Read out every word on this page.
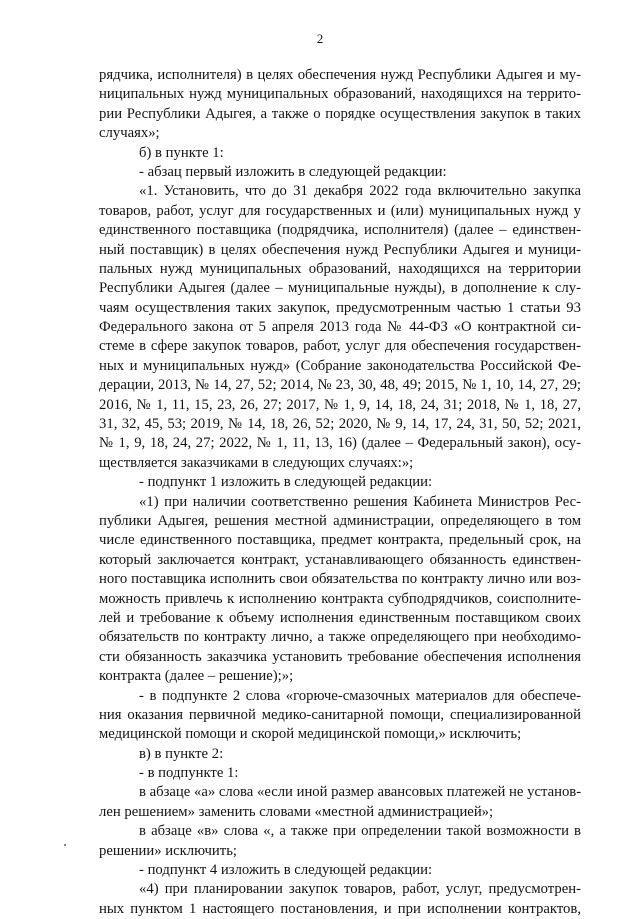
2
рядчика, исполнителя) в целях обеспечения нужд Республики Адыгея и му-
ниципальных нужд муниципальных образований, находящихся на террито-
рии Республики Адыгея, а также о порядке осуществления закупок в таких
случаях»;
б) в пункте 1:
- абзац первый изложить в следующей редакции:
«1. Установить, что до 31 декабря 2022 года включительно закупка
товаров, работ, услуг для государственных и (или) муниципальных нужд у
единственного поставщика (подрядчика, исполнителя) (далее – единствен-
ный поставщик) в целях обеспечения нужд Республики Адыгея и муници-
пальных нужд муниципальных образований, находящихся на территории
Республики Адыгея (далее – муниципальные нужды), в дополнение к слу-
чаям осуществления таких закупок, предусмотренным частью 1 статьи 93
Федерального закона от 5 апреля 2013 года № 44-ФЗ «О контрактной си-
стеме в сфере закупок товаров, работ, услуг для обеспечения государствен-
ных и муниципальных нужд» (Собрание законодательства Российской Фе-
дерации, 2013, № 14, 27, 52; 2014, № 23, 30, 48, 49; 2015, № 1, 10, 14, 27, 29;
2016, № 1, 11, 15, 23, 26, 27; 2017, № 1, 9, 14, 18, 24, 31; 2018, № 1, 18, 27,
31, 32, 45, 53; 2019, № 14, 18, 26, 52; 2020, № 9, 14, 17, 24, 31, 50, 52; 2021,
№ 1, 9, 18, 24, 27; 2022, № 1, 11, 13, 16) (далее – Федеральный закон), осу-
ществляется заказчиками в следующих случаях:»;
- подпункт 1 изложить в следующей редакции:
«1) при наличии соответственно решения Кабинета Министров Рес-
публики Адыгея, решения местной администрации, определяющего в том
числе единственного поставщика, предмет контракта, предельный срок, на
который заключается контракт, устанавливающего обязанность единствен-
ного поставщика исполнить свои обязательства по контракту лично или воз-
можность привлечь к исполнению контракта субподрядчиков, соисполните-
лей и требование к объему исполнения единственным поставщиком своих
обязательств по контракту лично, а также определяющего при необходимо-
сти обязанность заказчика установить требование обеспечения исполнения
контракта (далее – решение);»;
- в подпункте 2 слова «горюче-смазочных материалов для обеспече-
ния оказания первичной медико-санитарной помощи, специализированной
медицинской помощи и скорой медицинской помощи,» исключить;
в) в пункте 2:
- в подпункте 1:
в абзаце «а» слова «если иной размер авансовых платежей не установ-
лен решением» заменить словами «местной администрацией»;
в абзаце «в» слова «, а также при определении такой возможности в
решении» исключить;
- подпункт 4 изложить в следующей редакции:
«4) при планировании закупок товаров, работ, услуг, предусмотрен-
ных пунктом 1 настоящего постановления, и при исполнении контрактов,
